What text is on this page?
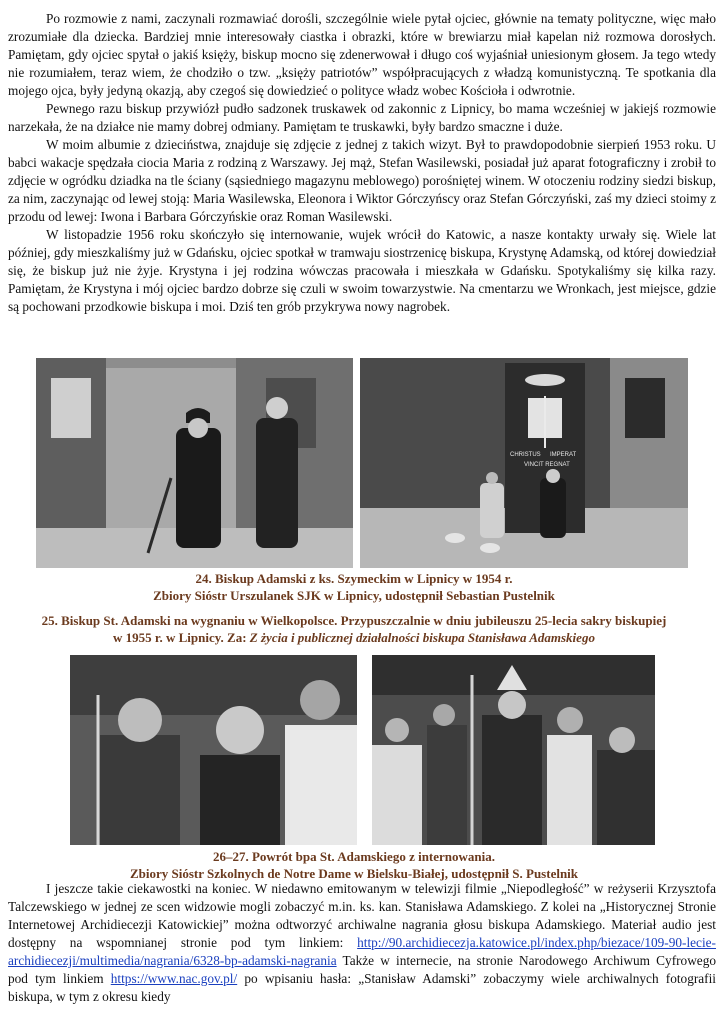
Po rozmowie z nami, zaczynali rozmawiać dorośli, szczególnie wiele pytał ojciec, głównie na tematy polityczne, więc mało zrozumiałe dla dziecka. Bardziej mnie interesowały ciastka i obrazki, które w brewiarzu miał kapelan niż rozmowa dorosłych. Pamiętam, gdy ojciec spytał o jakiś księży, biskup mocno się zdenerwował i długo coś wyjaśniał uniesionym głosem. Ja tego wtedy nie rozumiałem, teraz wiem, że chodziło o tzw. „księży patriotów” współpracujących z władzą komunistyczną. Te spotkania dla mojego ojca, były jedyną okazją, aby czegoś się dowiedzieć o polityce władz wobec Kościoła i odwrotnie.

Pewnego razu biskup przywiózł pudło sadzonek truskawek od zakonnic z Lipnicy, bo mama wcześniej w jakiejś rozmowie narzekała, że na działce nie mamy dobrej odmiany. Pamiętam te truskawki, były bardzo smaczne i duże.

W moim albumie z dzieciństwa, znajduje się zdjęcie z jednej z takich wizyt. Był to prawdopodobnie sierpień 1953 roku. U babci wakacje spędzała ciocia Maria z rodziną z Warszawy. Jej mąż, Stefan Wasilewski, posiadał już aparat fotograficzny i zrobił to zdjęcie w ogródku dziadka na tle ściany (sąsiedniego magazynu meblowego) porośniętej winem. W otoczeniu rodziny siedzi biskup, za nim, zaczynając od lewej stoją: Maria Wasilewska, Eleonora i Wiktor Górczyńscy oraz Stefan Górczyński, zaś my dzieci stoimy z przodu od lewej: Iwona i Barbara Górczyńskie oraz Roman Wasilewski.

W listopadzie 1956 roku skończyło się internowanie, wujek wrócił do Katowic, a nasze kontakty urwały się. Wiele lat później, gdy mieszkaliśmy już w Gdańsku, ojciec spotkał w tramwaju siostrzenicę biskupa, Krystynę Adamską, od której dowiedział się, że biskup już nie żyje. Krystyna i jej rodzina wówczas pracowała i mieszkała w Gdańsku. Spotykaliśmy się kilka razy. Pamiętam, że Krystyna i mój ojciec bardzo dobrze się czuli w swoim towarzystwie. Na cmentarzu we Wronkach, jest miejsce, gdzie są pochowani przodkowie biskupa i moi. Dziś ten grób przykrywa nowy nagrobek.

CHRISTUS IMPERAT
VINCIT REGNAT
24. Biskup Adamski z ks. Szymeckim w Lipnicy w 1954 r.
Zbiory Sióstr Urszulanek SJK w Lipnicy, udostępnił Sebastian Pustelnik
25. Biskup St. Adamski na wygnaniu w Wielkopolsce. Przypuszczalnie w dniu jubileuszu 25-lecia sakry biskupiej
w 1955 r. w Lipnicy. Za: Z życia i publicznej działalności biskupa Stanisława Adamskiego
26–27. Powrót bpa St. Adamskiego z internowania.
Zbiory Sióstr Szkolnych de Notre Dame w Bielsku-Białej, udostępnił S. Pustelnik

I jeszcze takie ciekawostki na koniec. W niedawno emitowanym w telewizji filmie „Niepodległość” w reżyserii Krzysztofa Talczewskiego w jednej ze scen widzowie mogli zobaczyć m.in. ks. kan. Stanisława Adamskiego. Z kolei na „Historycznej Stronie Internetowej Archidiecezji Katowickiej” można odtworzyć archiwalne nagrania głosu biskupa Adamskiego. Materiał audio jest dostępny na wspomnianej stronie pod tym linkiem: http://90.archidiecezja.katowice.pl/index.php/biezace/109-90-lecie-archidiecezji/multimedia/nagrania/6328-bp-adamski-nagrania Także w internecie, na stronie Narodowego Archiwum Cyfrowego pod tym linkiem https://www.nac.gov.pl/ po wpisaniu hasła: „Stanisław Adamski” zobaczymy wiele archiwalnych fotografii biskupa, w tym z okresu kiedy
